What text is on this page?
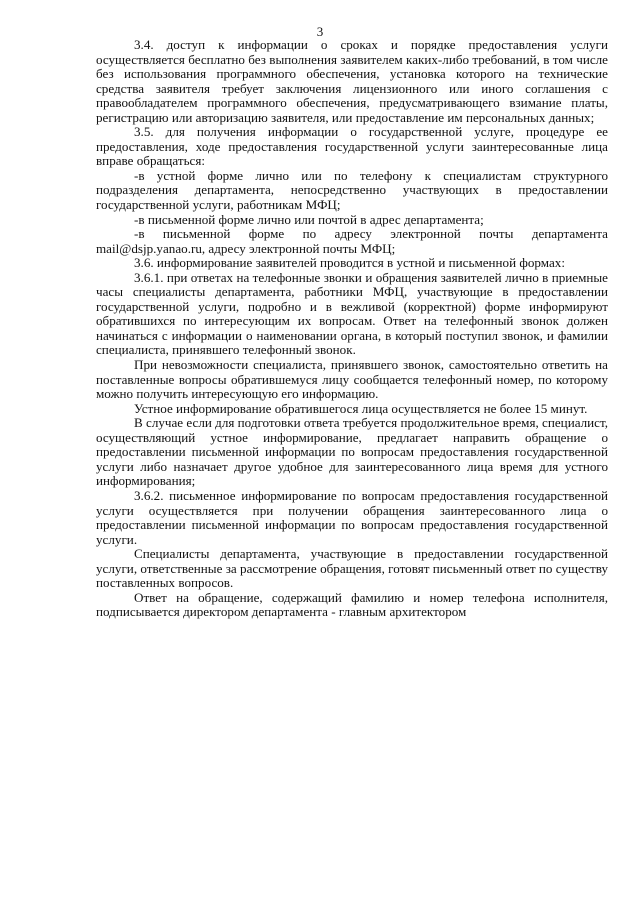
3

3.4. доступ к информации о сроках и порядке предоставления услуги осуществляется бесплатно без выполнения заявителем каких-либо требований, в том числе без использования программного обеспечения, установка которого на технические средства заявителя требует заключения лицензионного или иного соглашения с правообладателем программного обеспечения, предусматривающего взимание платы, регистрацию или авторизацию заявителя, или предоставление им персональных данных;

3.5. для получения информации о государственной услуге, процедуре ее предоставления, ходе предоставления государственной услуги заинтересованные лица вправе обращаться:

-в устной форме лично или по телефону к специалистам структурного подразделения департамента, непосредственно участвующих в предоставлении государственной услуги, работникам МФЦ;

-в письменной форме лично или почтой в адрес департамента;

-в письменной форме по адресу электронной почты департамента mail@dsjp.yanao.ru, адресу электронной почты МФЦ;

3.6. информирование заявителей проводится в устной и письменной формах:

3.6.1. при ответах на телефонные звонки и обращения заявителей лично в приемные часы специалисты департамента, работники МФЦ, участвующие в предоставлении государственной услуги, подробно и в вежливой (корректной) форме информируют обратившихся по интересующим их вопросам. Ответ на телефонный звонок должен начинаться с информации о наименовании органа, в который поступил звонок, и фамилии специалиста, принявшего телефонный звонок.

При невозможности специалиста, принявшего звонок, самостоятельно ответить на поставленные вопросы обратившемуся лицу сообщается телефонный номер, по которому можно получить интересующую его информацию.

Устное информирование обратившегося лица осуществляется не более 15 минут.

В случае если для подготовки ответа требуется продолжительное время, специалист, осуществляющий устное информирование, предлагает направить обращение о предоставлении письменной информации по вопросам предоставления государственной услуги либо назначает другое удобное для заинтересованного лица время для устного информирования;

3.6.2. письменное информирование по вопросам предоставления государственной услуги осуществляется при получении обращения заинтересованного лица о предоставлении письменной информации по вопросам предоставления государственной услуги.

Специалисты департамента, участвующие в предоставлении государственной услуги, ответственные за рассмотрение обращения, готовят письменный ответ по существу поставленных вопросов.

Ответ на обращение, содержащий фамилию и номер телефона исполнителя, подписывается директором департамента - главным архитектором
